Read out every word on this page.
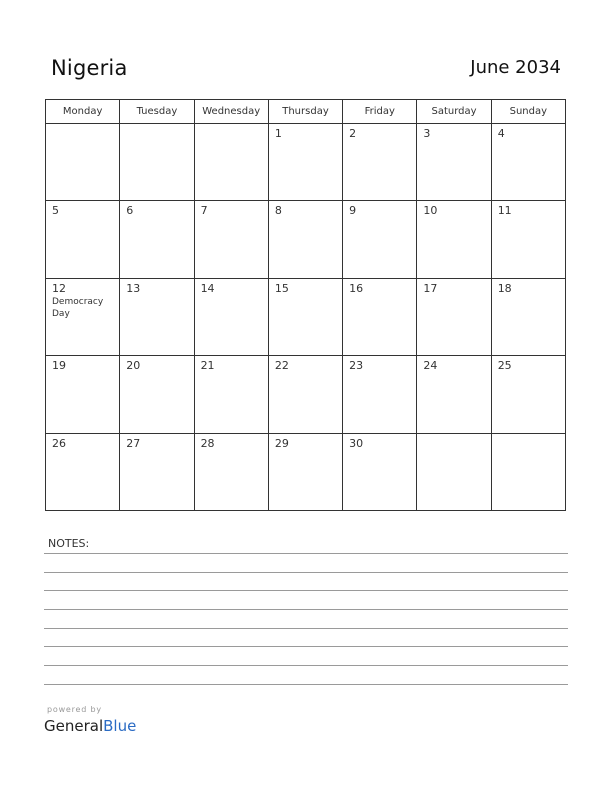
Nigeria	June 2034
Monday	Tuesday	Wednesday	Thursday	Friday	Saturday	Sunday

			1	2	3	4

5	6	7	8	9	10	11

12
Democracy Day	13	14	15	16	17	18

19	20	21	22	23	24	25

26	27	28	29	30		

NOTES:
powered by
GeneralBlue
